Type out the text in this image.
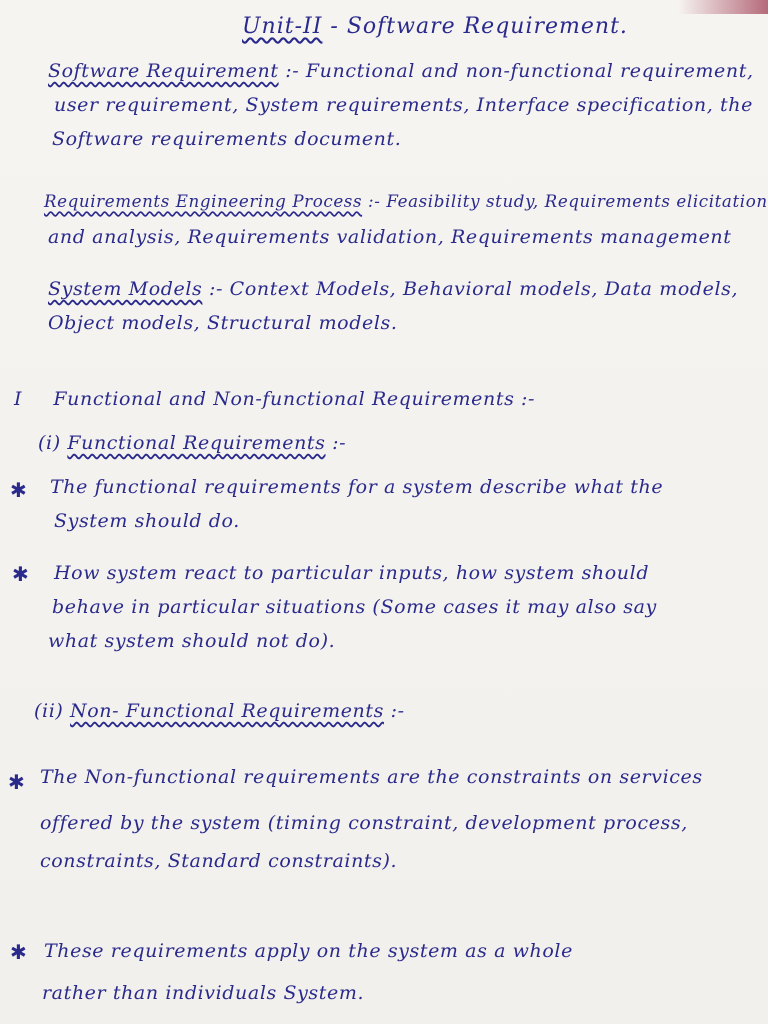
Unit-II - Software Requirement.
Software Requirement :- Functional and non-functional requirement,
user requirement, System requirements, Interface specification, the
Software requirements document.
Requirements Engineering Process :- Feasibility study, Requirements elicitation
and analysis, Requirements validation, Requirements management
System Models :- Context Models, Behavioral models, Data models,
Object models, Structural models.
I Functional and Non-functional Requirements :-
(i) Functional Requirements :-
✱ The functional requirements for a system describe what the
System should do.
✱ How system react to particular inputs, how system should
behave in particular situations (Some cases it may also say
what system should not do).
(ii) Non- Functional Requirements :-
✱ The Non-functional requirements are the constraints on services
offered by the system (timing constraint, development process,
constraints, Standard constraints).
✱ These requirements apply on the system as a whole
rather than individuals System.
